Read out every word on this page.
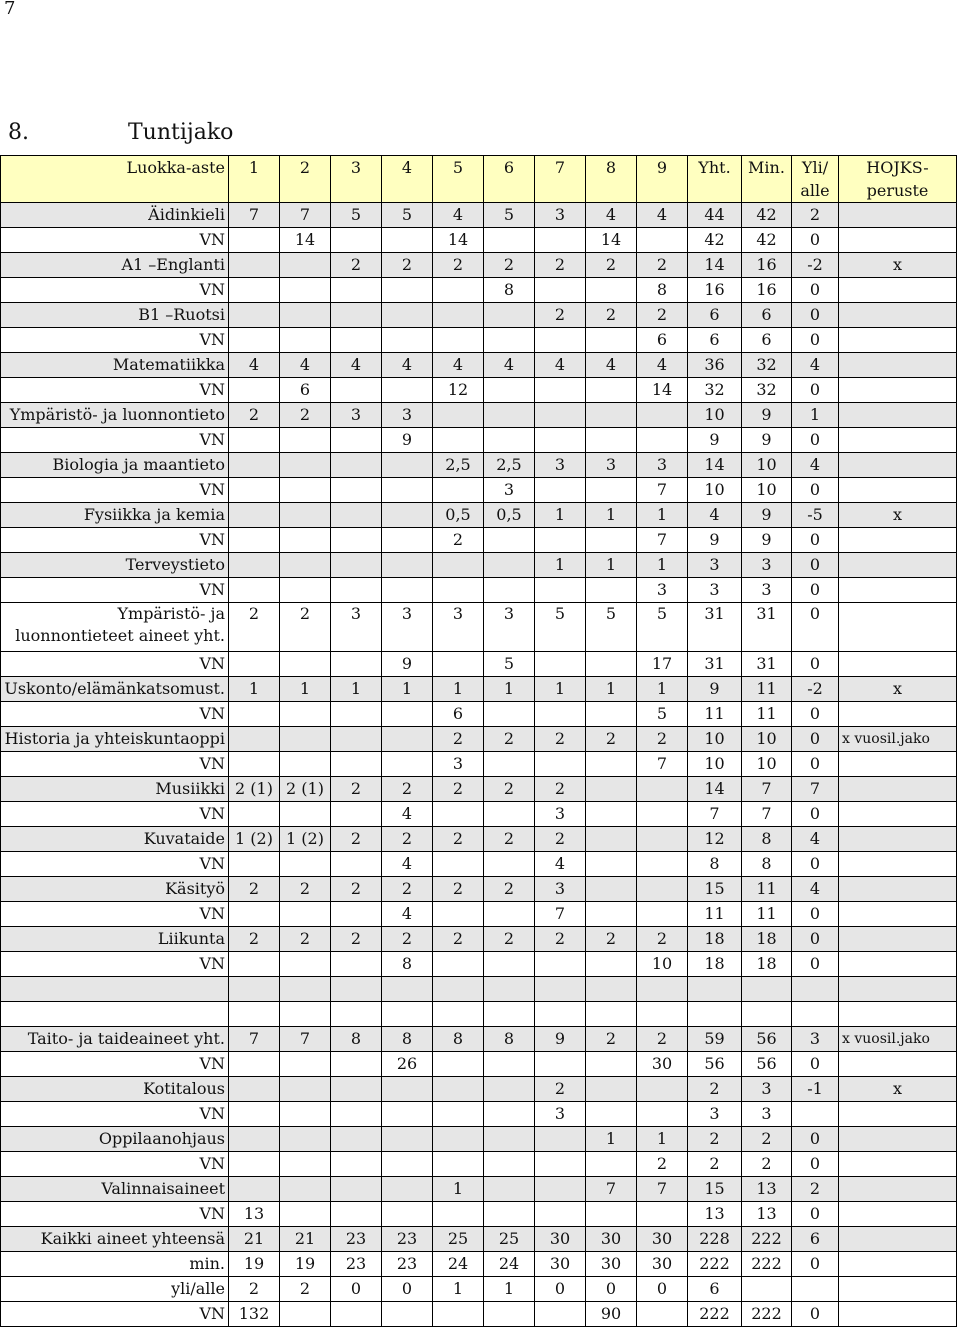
7
8.	Tuntijako
Luokka-aste	1	2	3	4	5	6	7	8	9	Yht.	Min.	Yli/ alle	HOJKS-peruste
Äidinkieli	7	7	5	5	4	5	3	4	4	44	42	2	
VN		14			14			14		42	42	0	
A1 –Englanti			2	2	2	2	2	2	2	14	16	-2	x
VN						8			8	16	16	0	
B1 –Ruotsi							2	2	2	6	6	0	
VN									6	6	6	0	
Matematiikka	4	4	4	4	4	4	4	4	4	36	32	4	
VN		6			12				14	32	32	0	
Ympäristö- ja luonnontieto	2	2	3	3						10	9	1	
VN				9						9	9	0	
Biologia ja maantieto					2,5	2,5	3	3	3	14	10	4	
VN						3			7	10	10	0	
Fysiikka ja kemia					0,5	0,5	1	1	1	4	9	-5	x
VN					2				7	9	9	0	
Terveystieto							1	1	1	3	3	0	
VN									3	3	3	0	
Ympäristö- ja luonnontieteet aineet yht.	2	2	3	3	3	3	5	5	5	31	31	0	
VN				9		5			17	31	31	0	
Uskonto/elämänkatsomust.	1	1	1	1	1	1	1	1	1	9	11	-2	x
VN					6				5	11	11	0	
Historia ja yhteiskuntaoppi					2	2	2	2	2	10	10	0	x vuosil.jako
VN					3				7	10	10	0	
Musiikki	2 (1)	2 (1)	2	2	2	2	2			14	7	7	
VN				4			3			7	7	0	
Kuvataide	1 (2)	1 (2)	2	2	2	2	2			12	8	4	
VN				4			4			8	8	0	
Käsityö	2	2	2	2	2	2	3			15	11	4	
VN				4			7			11	11	0	
Liikunta	2	2	2	2	2	2	2	2	2	18	18	0	
VN				8					10	18	18	0	

Taito- ja taideaineet yht.	7	7	8	8	8	8	9	2	2	59	56	3	x vuosil.jako
VN				26					30	56	56	0	
Kotitalous							2			2	3	-1	x
VN							3			3	3		
Oppilaanohjaus								1	1	2	2	0	
VN									2	2	2	0	
Valinnaisaineet					1			7	7	15	13	2	
VN	13									13	13	0	
Kaikki aineet yhteensä	21	21	23	23	25	25	30	30	30	228	222	6	
min.	19	19	23	23	24	24	30	30	30	222	222	0	
yli/alle	2	2	0	0	1	1	0	0	0	6			
VN	132							90		222	222	0	
